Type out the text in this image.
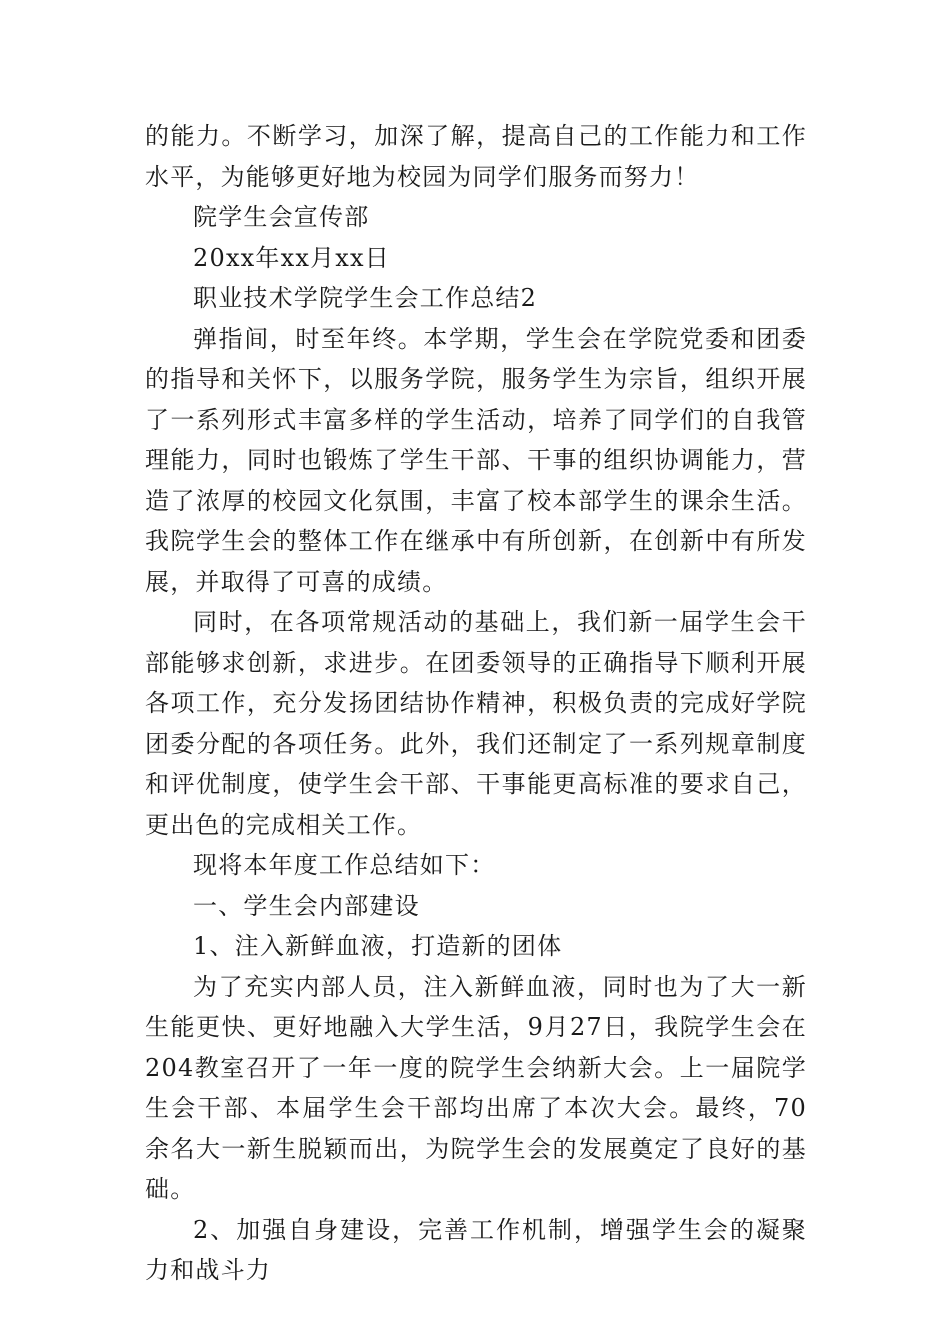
的能力。不断学习，加深了解，提高自己的工作能力和工作水平，为能够更好地为校园为同学们服务而努力！

院学生会宣传部

20xx年xx月xx日

职业技术学院学生会工作总结2

弹指间，时至年终。本学期，学生会在学院党委和团委的指导和关怀下，以服务学院，服务学生为宗旨，组织开展了一系列形式丰富多样的学生活动，培养了同学们的自我管理能力，同时也锻炼了学生干部、干事的组织协调能力，营造了浓厚的校园文化氛围，丰富了校本部学生的课余生活。我院学生会的整体工作在继承中有所创新，在创新中有所发展，并取得了可喜的成绩。

同时，在各项常规活动的基础上，我们新一届学生会干部能够求创新，求进步。在团委领导的正确指导下顺利开展各项工作，充分发扬团结协作精神，积极负责的完成好学院团委分配的各项任务。此外，我们还制定了一系列规章制度和评优制度，使学生会干部、干事能更高标准的要求自己，更出色的完成相关工作。

现将本年度工作总结如下：

一、学生会内部建设

1、注入新鲜血液，打造新的团体

为了充实内部人员，注入新鲜血液，同时也为了大一新生能更快、更好地融入大学生活，9月27日，我院学生会在204教室召开了一年一度的院学生会纳新大会。上一届院学生会干部、本届学生会干部均出席了本次大会。最终，70余名大一新生脱颖而出，为院学生会的发展奠定了良好的基础。

2、加强自身建设，完善工作机制，增强学生会的凝聚力和战斗力
